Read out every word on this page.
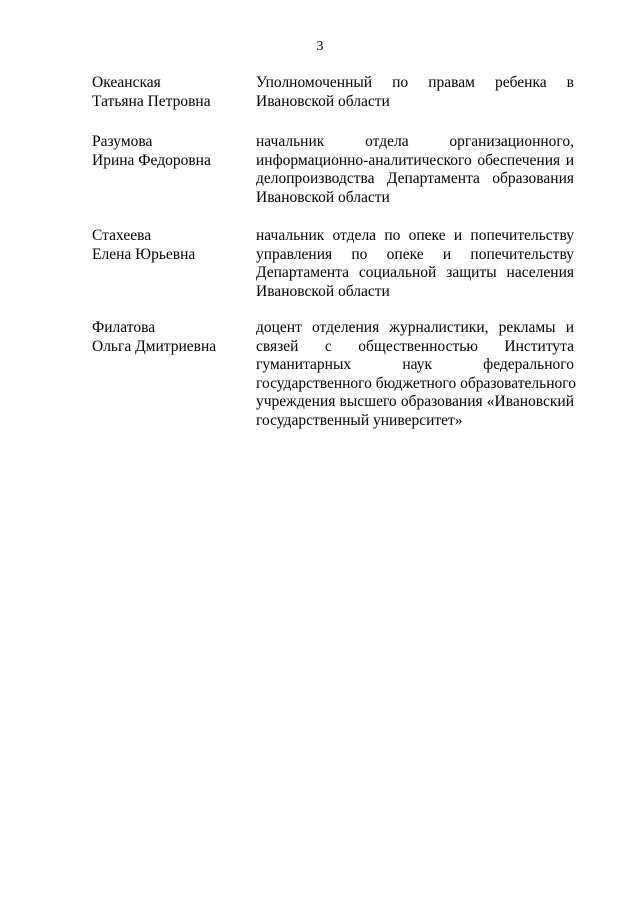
3
Океанская
Татьяна Петровна
Уполномоченный по правам ребенка в
Ивановской области
Разумова
Ирина Федоровна
начальник отдела организационного,
информационно-аналитического обеспечения и
делопроизводства Департамента образования
Ивановской области
Стахеева
Елена Юрьевна
начальник отдела по опеке и попечительству
управления по опеке и попечительству
Департамента социальной защиты населения
Ивановской области
Филатова
Ольга Дмитриевна
доцент отделения журналистики, рекламы и
связей с общественностью Института
гуманитарных наук федерального
государственного бюджетного образовательного
учреждения высшего образования «Ивановский
государственный университет»
